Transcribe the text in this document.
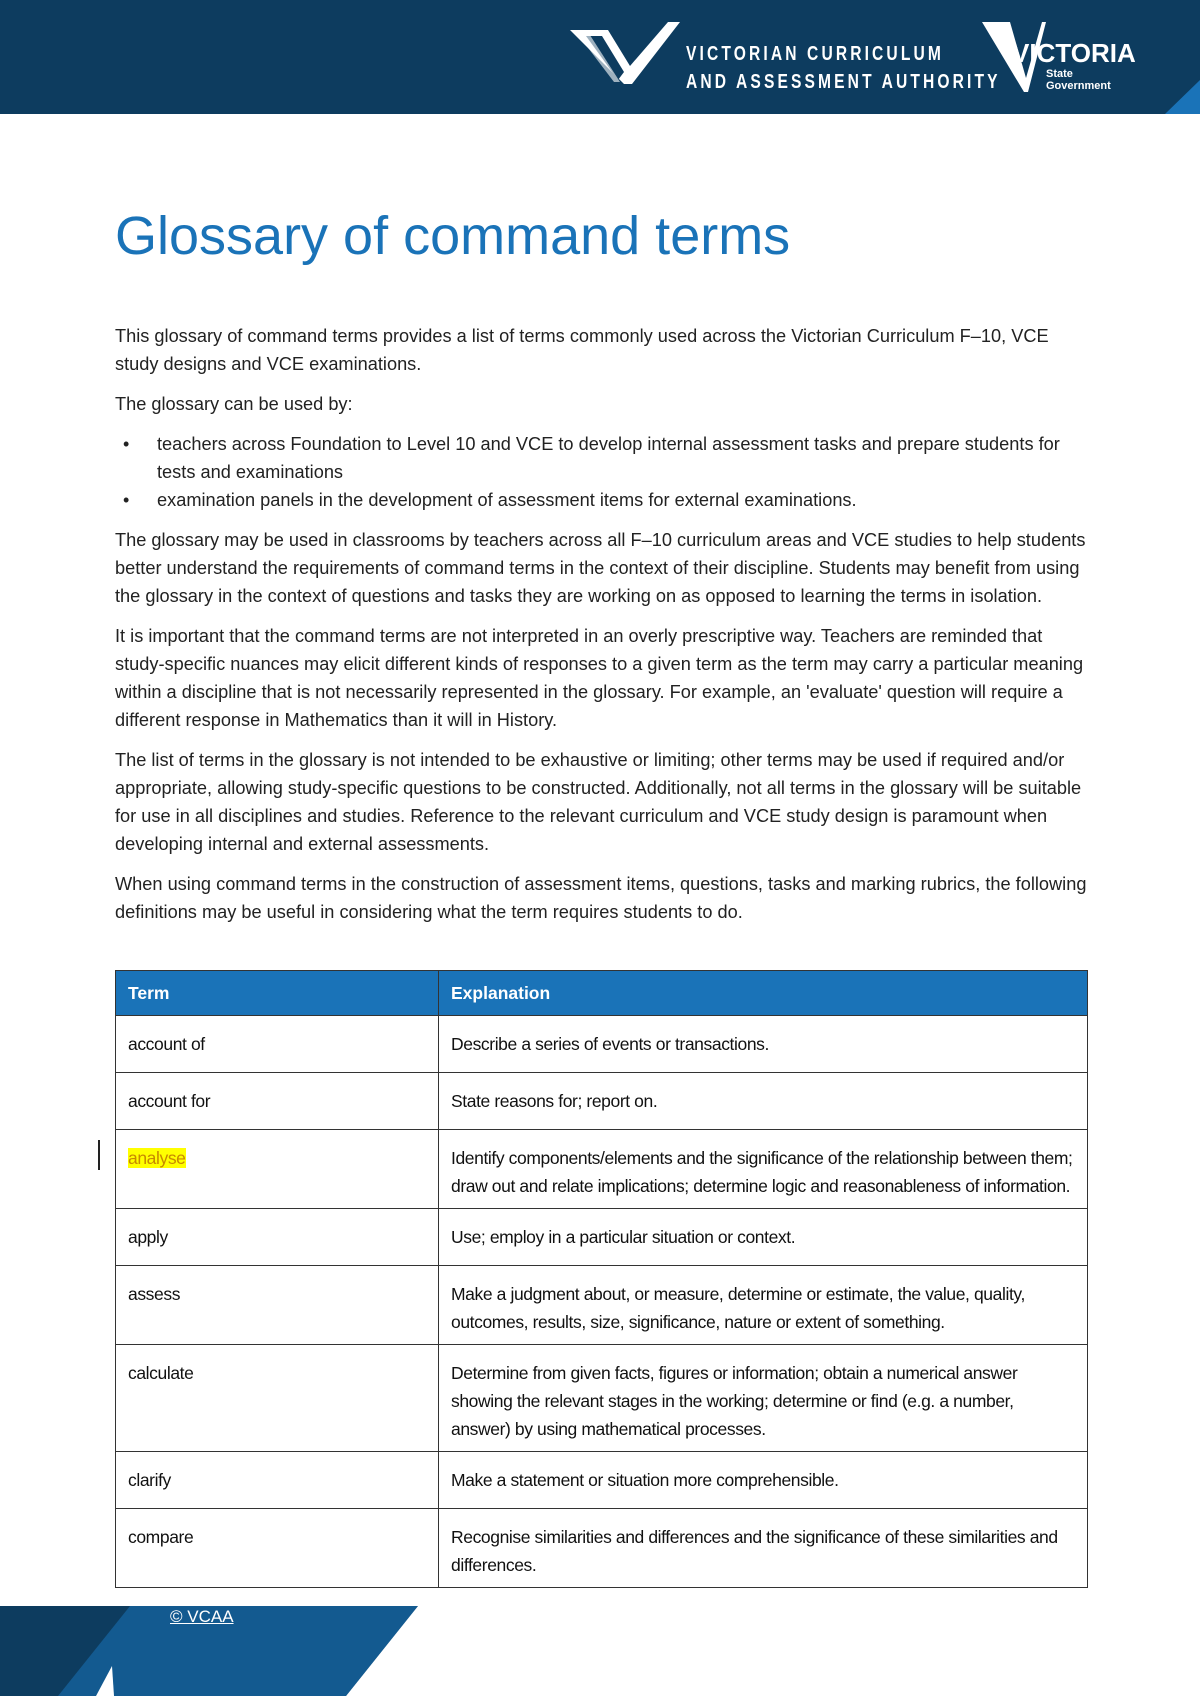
VICTORIAN CURRICULUM
AND ASSESSMENT AUTHORITY
VICTORIA
State
Government
Glossary of command terms

This glossary of command terms provides a list of terms commonly used across the Victorian Curriculum F–10, VCE study designs and VCE examinations.

The glossary can be used by:

• teachers across Foundation to Level 10 and VCE to develop internal assessment tasks and prepare students for tests and examinations
• examination panels in the development of assessment items for external examinations.

The glossary may be used in classrooms by teachers across all F–10 curriculum areas and VCE studies to help students better understand the requirements of command terms in the context of their discipline. Students may benefit from using the glossary in the context of questions and tasks they are working on as opposed to learning the terms in isolation.

It is important that the command terms are not interpreted in an overly prescriptive way. Teachers are reminded that study-specific nuances may elicit different kinds of responses to a given term as the term may carry a particular meaning within a discipline that is not necessarily represented in the glossary. For example, an 'evaluate' question will require a different response in Mathematics than it will in History.

The list of terms in the glossary is not intended to be exhaustive or limiting; other terms may be used if required and/or appropriate, allowing study-specific questions to be constructed. Additionally, not all terms in the glossary will be suitable for use in all disciplines and studies. Reference to the relevant curriculum and VCE study design is paramount when developing internal and external assessments.

When using command terms in the construction of assessment items, questions, tasks and marking rubrics, the following definitions may be useful in considering what the term requires students to do.

Term	Explanation
account of	Describe a series of events or transactions.
account for	State reasons for; report on.
analyse	Identify components/elements and the significance of the relationship between them; draw out and relate implications; determine logic and reasonableness of information.
apply	Use; employ in a particular situation or context.
assess	Make a judgment about, or measure, determine or estimate, the value, quality, outcomes, results, size, significance, nature or extent of something.
calculate	Determine from given facts, figures or information; obtain a numerical answer showing the relevant stages in the working; determine or find (e.g. a number, answer) by using mathematical processes.
clarify	Make a statement or situation more comprehensible.
compare	Recognise similarities and differences and the significance of these similarities and differences.
© VCAA
